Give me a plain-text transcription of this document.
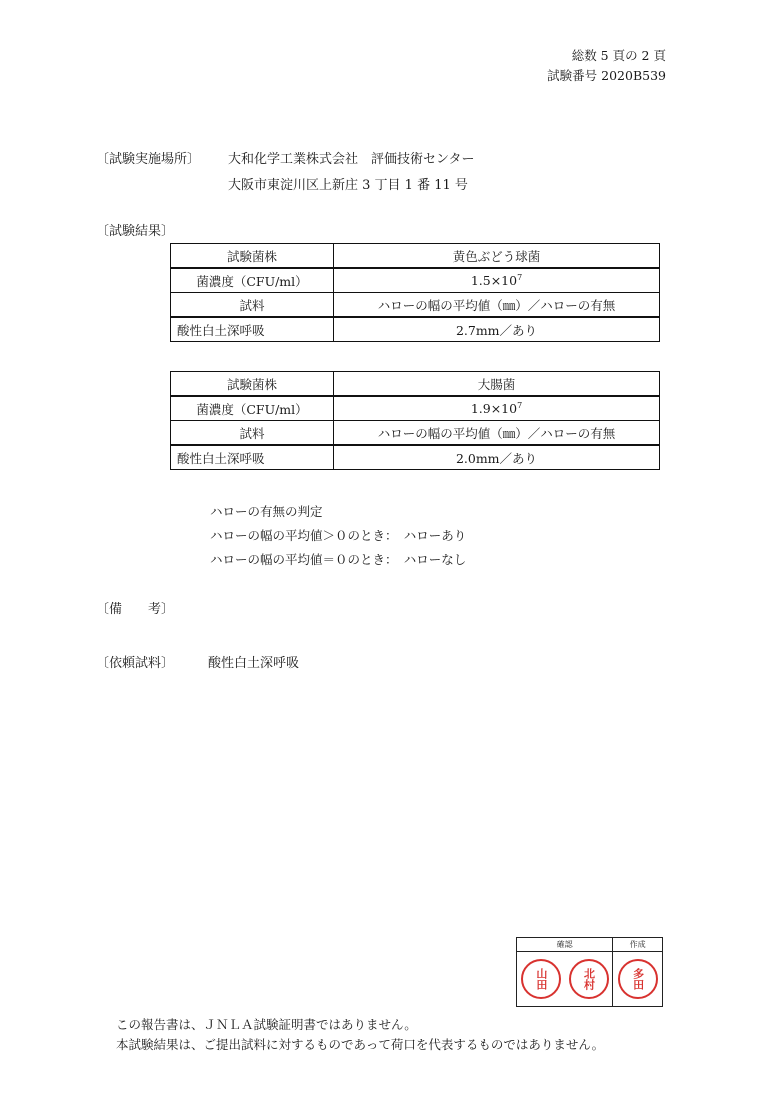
総数 5 頁の 2 頁
試験番号 2020B539
〔試験実施場所〕 大和化学工業株式会社　評価技術センター
大阪市東淀川区上新庄 3 丁目 1 番 11 号
〔試験結果〕
試験菌株	黄色ぶどう球菌
菌濃度（CFU/ml）	$1.5\times 10^7$
試料	ハローの幅の平均値（㎜）／ハローの有無
酸性白土深呼吸	2.7mm／あり
試験菌株	大腸菌
菌濃度（CFU/ml）	$1.9\times 10^7$
試料	ハローの幅の平均値（㎜）／ハローの有無
酸性白土深呼吸	2.0mm／あり
ハローの有無の判定
ハローの幅の平均値＞０のとき：　ハローあり
ハローの幅の平均値＝０のとき：　ハローなし
〔備　　考〕
〔依頼試料〕	酸性白土深呼吸
確認
山田	北村
作成
多田
この報告書は、ＪＮＬＡ試験証明書ではありません。
本試験結果は、ご提出試料に対するものであって荷口を代表するものではありません。
